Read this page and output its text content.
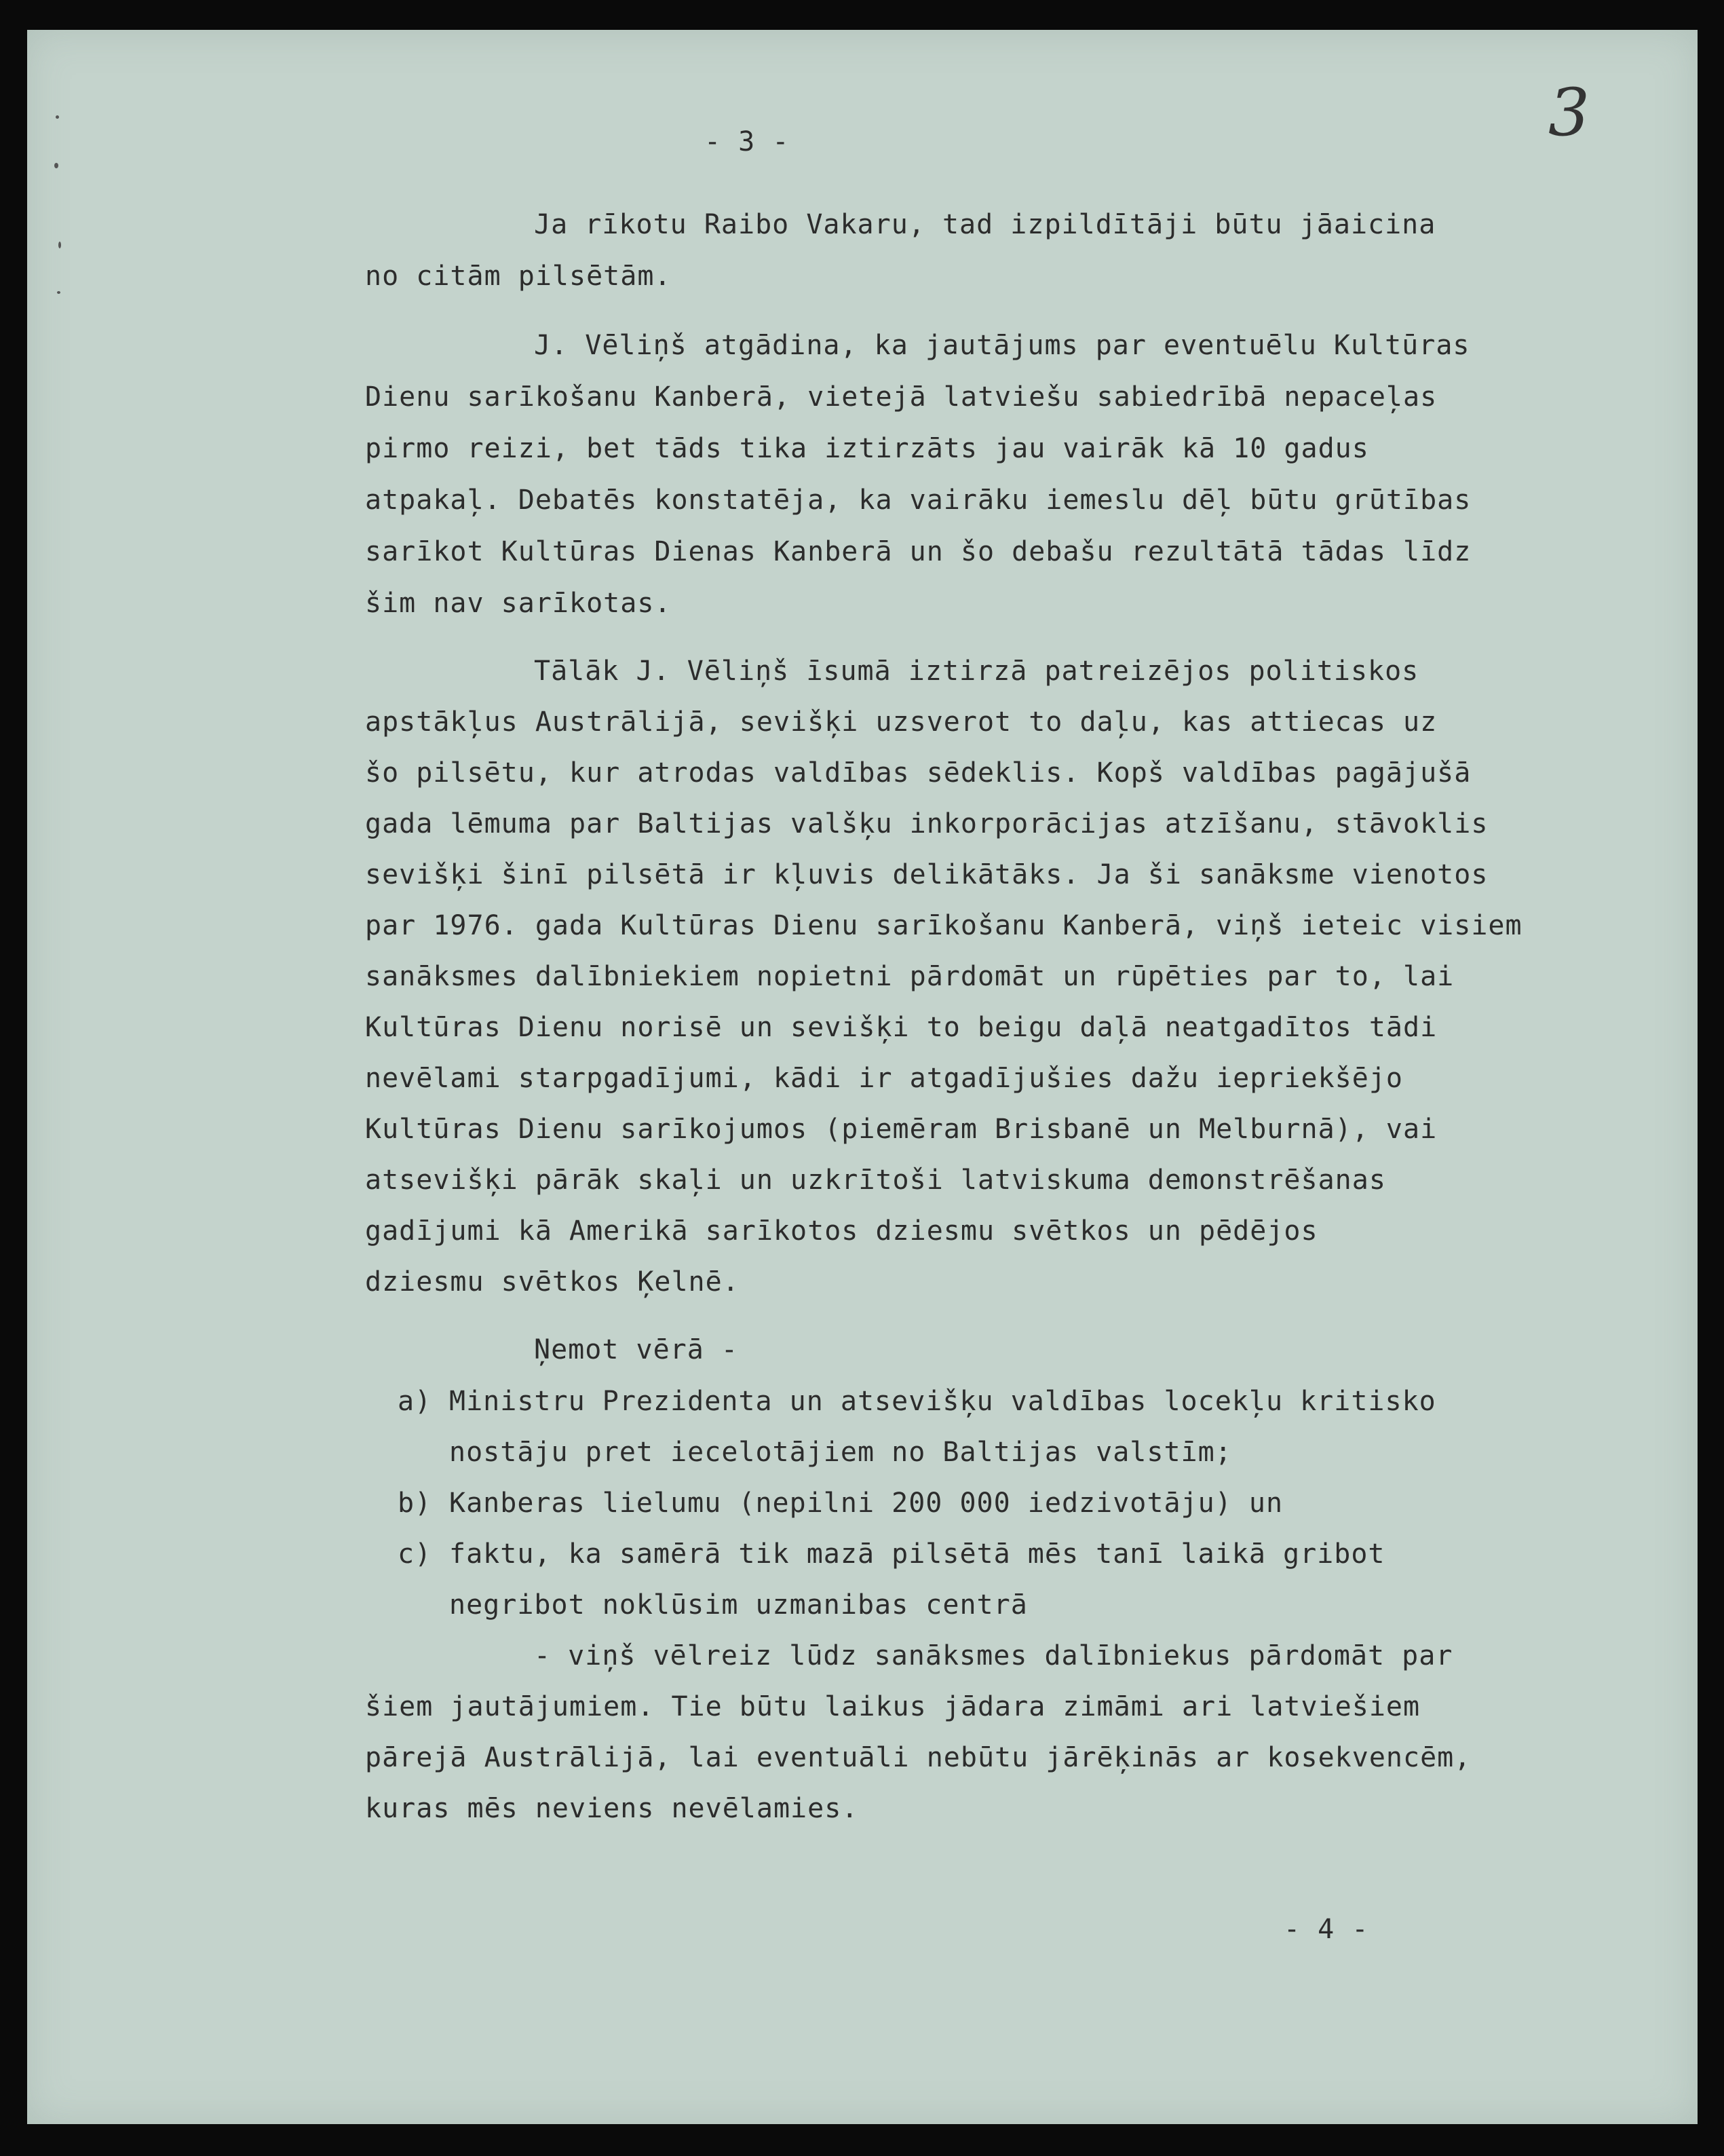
- 3 -	3
Ja rīkotu Raibo Vakaru, tad izpildītāji būtu jāaicina
no citām pilsētām.
J. Vēliņš atgādina, ka jautājums par eventuēlu Kultūras
Dienu sarīkošanu Kanberā, vietejā latviešu sabiedrībā nepaceļas
pirmo reizi, bet tāds tika iztirzāts jau vairāk kā 10 gadus
atpakaļ. Debatēs konstatēja, ka vairāku iemeslu dēļ būtu grūtības
sarīkot Kultūras Dienas Kanberā un šo debašu rezultātā tādas līdz
šim nav sarīkotas.
Tālāk J. Vēliņš īsumā iztirzā patreizējos politiskos
apstākļus Austrālijā, sevišķi uzsverot to daļu, kas attiecas uz
šo pilsētu, kur atrodas valdības sēdeklis. Kopš valdības pagājušā
gada lēmuma par Baltijas valšķu inkorporācijas atzīšanu, stāvoklis
sevišķi šinī pilsētā ir kļuvis delikātāks. Ja ši sanāksme vienotos
par 1976. gada Kultūras Dienu sarīkošanu Kanberā, viņš ieteic visiem
sanāksmes dalībniekiem nopietni pārdomāt un rūpēties par to, lai
Kultūras Dienu norisē un sevišķi to beigu daļā neatgadītos tādi
nevēlami starpgadījumi, kādi ir atgadījušies dažu iepriekšējo
Kultūras Dienu sarīkojumos (piemēram Brisbanē un Melburnā), vai
atsevišķi pārāk skaļi un uzkrītoši latviskuma demonstrēšanas
gadījumi kā Amerikā sarīkotos dziesmu svētkos un pēdējos
dziesmu svētkos Ķelnē.
Ņemot vērā -
a) Ministru Prezidenta un atsevišķu valdības locekļu kritisko
nostāju pret iecelotājiem no Baltijas valstīm;
b) Kanberas lielumu (nepilni 200 000 iedzivotāju) un
c) faktu, ka samērā tik mazā pilsētā mēs tanī laikā gribot
negribot noklūsim uzmanibas centrā
- viņš vēlreiz lūdz sanāksmes dalībniekus pārdomāt par
šiem jautājumiem. Tie būtu laikus jādara zimāmi ari latviešiem
pārejā Austrālijā, lai eventuāli nebūtu jārēķinās ar kosekvencēm,
kuras mēs neviens nevēlamies.
- 4 -
